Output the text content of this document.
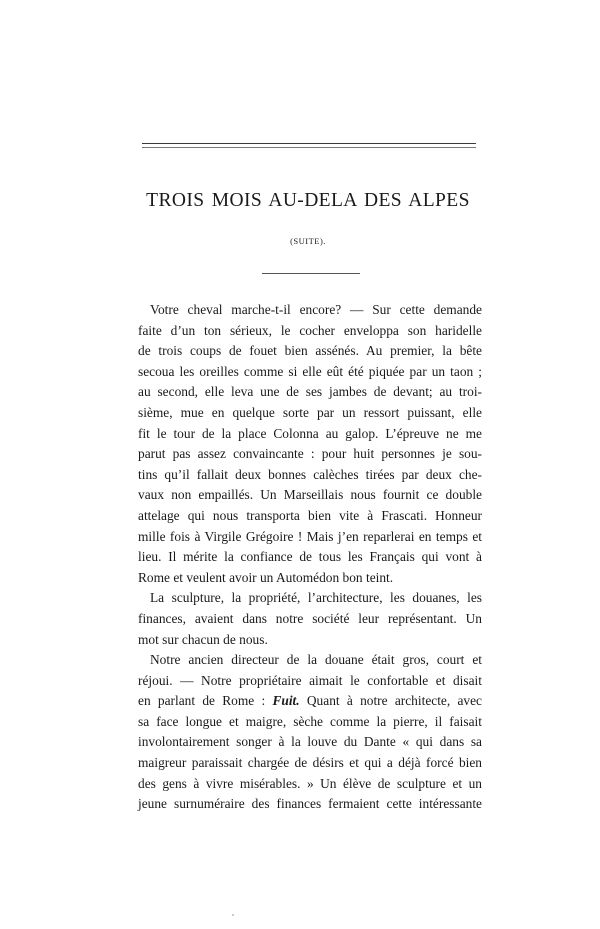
TROIS MOIS AU-DELA DES ALPES
(SUITE).
Votre cheval marche-t-il encore? — Sur cette demande
faite d’un ton sérieux, le cocher enveloppa son haridelle
de trois coups de fouet bien assénés. Au premier, la bête
secoua les oreilles comme si elle eût été piquée par un taon ;
au second, elle leva une de ses jambes de devant; au troi-
sième, mue en quelque sorte par un ressort puissant, elle
fit le tour de la place Colonna au galop. L’épreuve ne me
parut pas assez convaincante : pour huit personnes je sou-
tins qu’il fallait deux bonnes calèches tirées par deux che-
vaux non empaillés. Un Marseillais nous fournit ce double
attelage qui nous transporta bien vite à Frascati. Honneur
mille fois à Virgile Grégoire ! Mais j’en reparlerai en temps et
lieu. Il mérite la confiance de tous les Français qui vont à
Rome et veulent avoir un Automédon bon teint.
La sculpture, la propriété, l’architecture, les douanes, les
finances, avaient dans notre société leur représentant. Un
mot sur chacun de nous.
Notre ancien directeur de la douane était gros, court et
réjoui. — Notre propriétaire aimait le confortable et disait
en parlant de Rome : Fuit. Quant à notre architecte, avec
sa face longue et maigre, sèche comme la pierre, il faisait
involontairement songer à la louve du Dante « qui dans sa
maigreur paraissait chargée de désirs et qui a déjà forcé bien
des gens à vivre misérables. » Un élève de sculpture et un
jeune surnuméraire des finances fermaient cette intéressante
